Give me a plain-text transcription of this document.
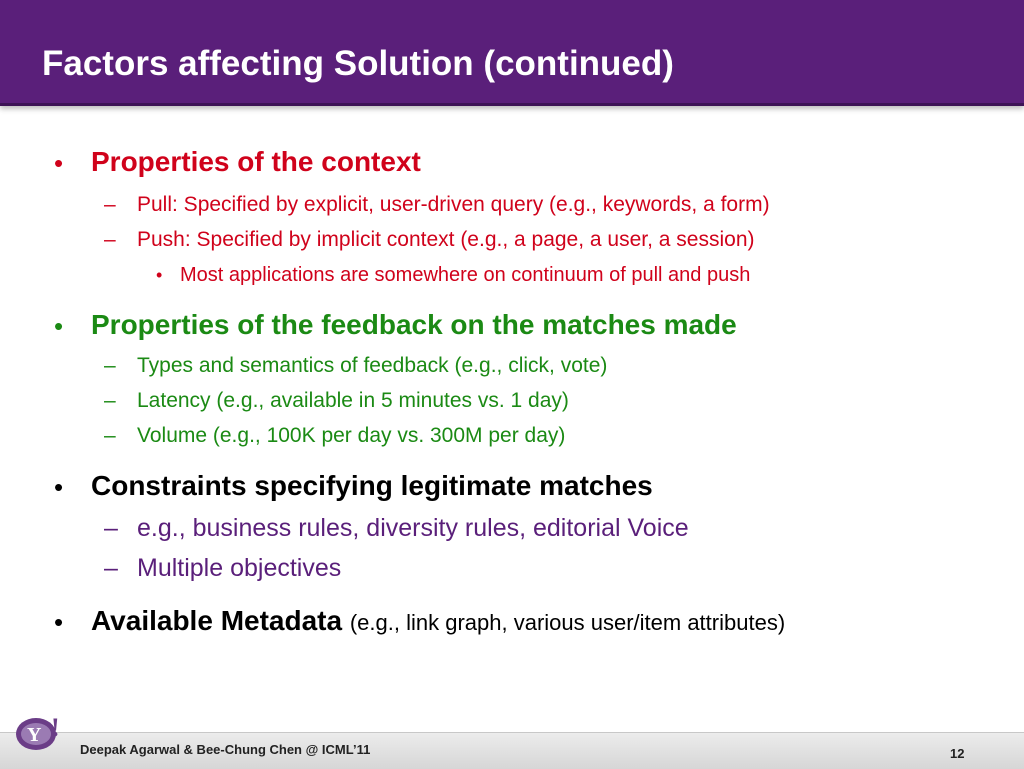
Factors affecting Solution (continued)
• Properties of the context
– Pull: Specified by explicit, user-driven query (e.g., keywords, a form)
– Push: Specified by implicit context (e.g., a page, a user, a session)
• Most applications are somewhere on continuum of pull and push
• Properties of the feedback on the matches made
– Types and semantics of feedback (e.g., click, vote)
– Latency (e.g., available in 5 minutes vs. 1 day)
– Volume (e.g., 100K per day vs. 300M per day)
• Constraints specifying legitimate matches
– e.g., business rules, diversity rules, editorial Voice
– Multiple objectives
• Available Metadata (e.g., link graph, various user/item attributes)
Y !
Deepak Agarwal & Bee-Chung Chen @ ICML’11	12
